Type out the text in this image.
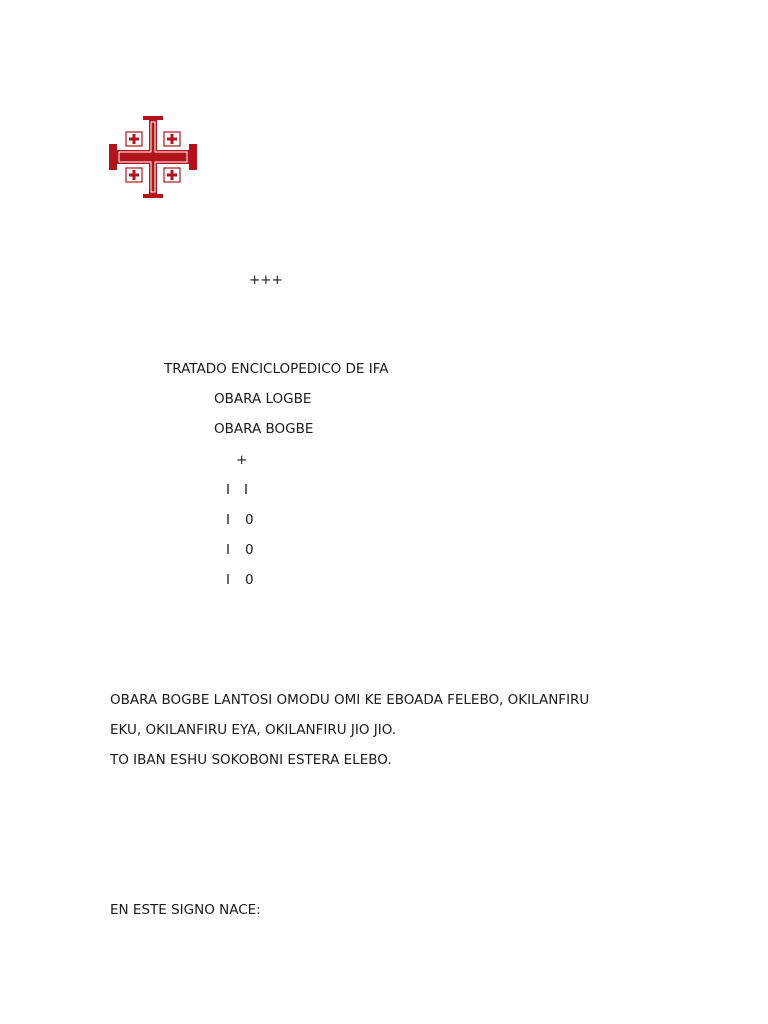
+++
TRATADO ENCICLOPEDICO DE IFA
OBARA LOGBE
OBARA BOGBE
+
I I
I 0
I 0
I 0
OBARA BOGBE LANTOSI OMODU OMI KE EBOADA FELEBO, OKILANFIRU
EKU, OKILANFIRU EYA, OKILANFIRU JIO JIO.
TO IBAN ESHU SOKOBONI ESTERA ELEBO.
EN ESTE SIGNO NACE:
